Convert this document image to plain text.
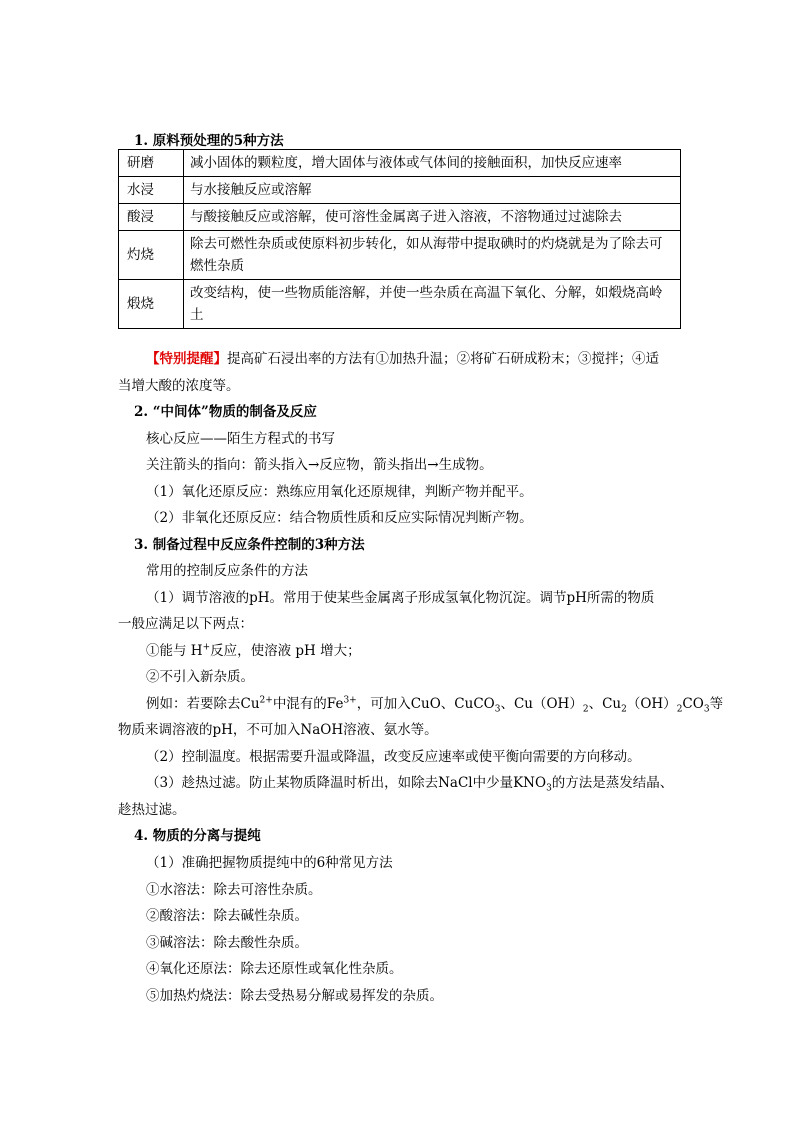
1. 原料预处理的5种方法
研磨	减小固体的颗粒度，增大固体与液体或气体间的接触面积，加快反应速率
水浸	与水接触反应或溶解
酸浸	与酸接触反应或溶解，使可溶性金属离子进入溶液，不溶物通过过滤除去
灼烧	除去可燃性杂质或使原料初步转化，如从海带中提取碘时的灼烧就是为了除去可燃性杂质
煅烧	改变结构，使一些物质能溶解，并使一些杂质在高温下氧化、分解，如煅烧高岭土
【特别提醒】提高矿石浸出率的方法有①加热升温；②将矿石研成粉末；③搅拌；④适
当增大酸的浓度等。
2. “中间体”物质的制备及反应
核心反应——陌生方程式的书写
关注箭头的指向：箭头指入→反应物，箭头指出→生成物。
（1）氧化还原反应：熟练应用氧化还原规律，判断产物并配平。
（2）非氧化还原反应：结合物质性质和反应实际情况判断产物。
3. 制备过程中反应条件控制的3种方法
常用的控制反应条件的方法
（1）调节溶液的pH。常用于使某些金属离子形成氢氧化物沉淀。调节pH所需的物质
一般应满足以下两点：
①能与 H+反应，使溶液 pH 增大；
②不引入新杂质。
例如：若要除去$Cu^{2+}$中混有的$Fe^{3+}$，可加入CuO、CuCO$_3$、$Cu(OH)_2$、$Cu_2(OH)_2CO_3$等
物质来调溶液的pH，不可加入NaOH溶液、氨水等。
（2）控制温度。根据需要升温或降温，改变反应速率或使平衡向需要的方向移动。
（3）趁热过滤。防止某物质降温时析出，如除去NaCl中少量$KNO_3$的方法是蒸发结晶、
趁热过滤。
4. 物质的分离与提纯
（1）准确把握物质提纯中的6种常见方法
①水溶法：除去可溶性杂质。
②酸溶法：除去碱性杂质。
③碱溶法：除去酸性杂质。
④氧化还原法：除去还原性或氧化性杂质。
⑤加热灼烧法：除去受热易分解或易挥发的杂质。
